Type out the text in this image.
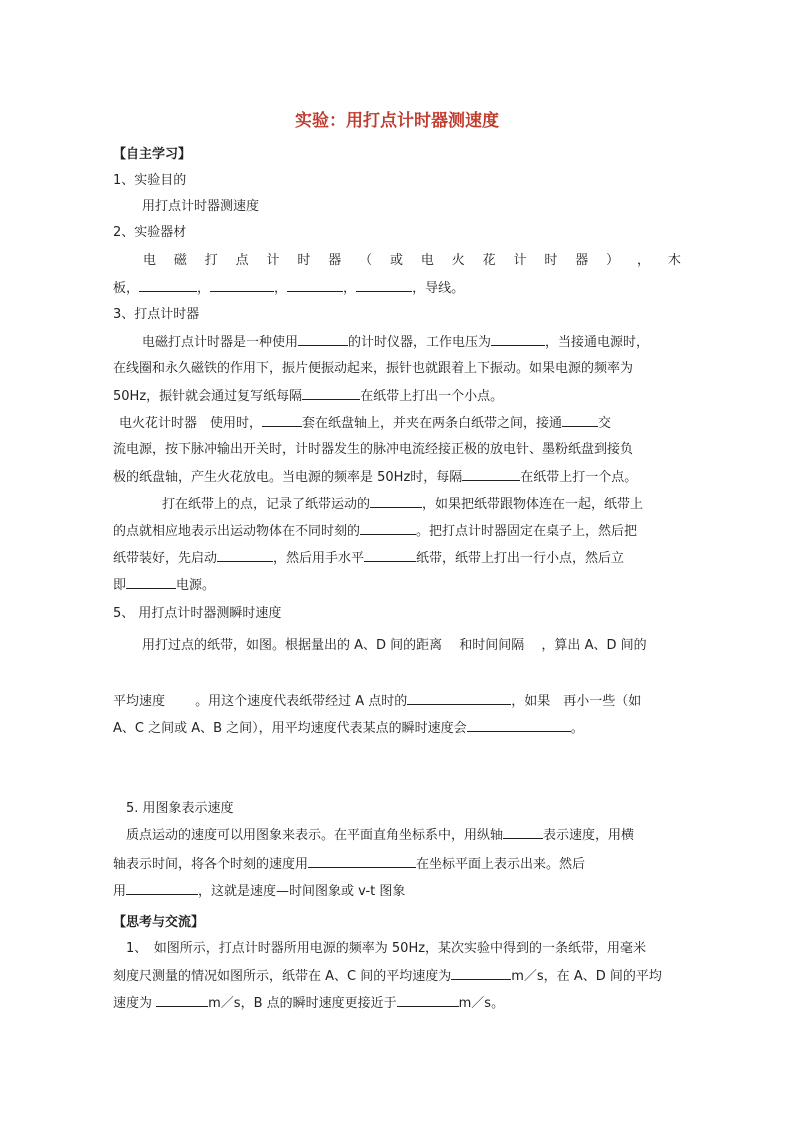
实验：用打点计时器测速度
【自主学习】
1、实验目的
用打点计时器测速度
2、实验器材
电 磁 打 点 计 时 器 （ 或 电 火 花 计 时 器 ） ， 木
板，	，	，	，	，导线。
3、打点计时器
电磁打点计时器是一种使用	的计时仪器，工作电压为	，当接通电源时，
在线圈和永久磁铁的作用下，振片便振动起来，振针也就跟着上下振动。如果电源的频率为
50Hz，振针就会通过复写纸每隔	在纸带上打出一个小点。
电火花计时器　使用时，	套在纸盘轴上，并夹在两条白纸带之间，接通	交
流电源，按下脉冲输出开关时，计时器发生的脉冲电流经接正极的放电针、墨粉纸盘到接负
极的纸盘轴，产生火花放电。当电源的频率是 50Hz时，每隔	在纸带上打一个点。
打在纸带上的点，记录了纸带运动的	，如果把纸带跟物体连在一起，纸带上
的点就相应地表示出运动物体在不同时刻的	。把打点计时器固定在桌子上，然后把
纸带装好，先启动	，然后用手水平	纸带，纸带上打出一行小点，然后立
即	电源。
5、 用打点计时器测瞬时速度
用打过点的纸带，如图。根据量出的 A、D 间的距离　 和时间间隔　 ，算出 A、D 间的
平均速度　　 。用这个速度代表纸带经过 A 点时的	，如果　再小一些（如
A、C 之间或 A、B 之间），用平均速度代表某点的瞬时速度会	。
5. 用图象表示速度
质点运动的速度可以用图象来表示。在平面直角坐标系中，用纵轴	表示速度，用横
轴表示时间，将各个时刻的速度用	在坐标平面上表示出来。然后
用	，这就是速度—时间图象或 v-t 图象
【思考与交流】
1、　如图所示，打点计时器所用电源的频率为 50Hz，某次实验中得到的一条纸带，用毫米
刻度尺测量的情况如图所示，纸带在 A、C 间的平均速度为	m／s，在 A、D 间的平均
速度为	m／s，B 点的瞬时速度更接近于	m／s。
